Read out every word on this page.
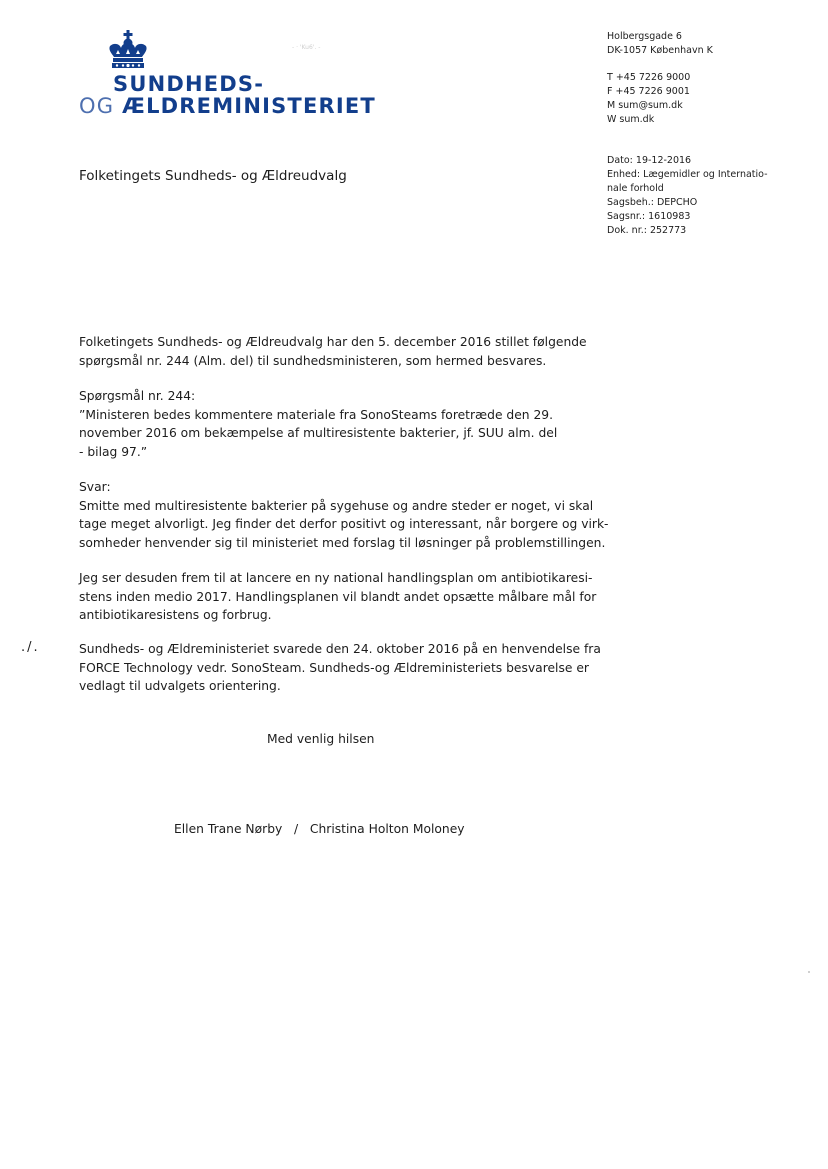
SUNDHEDS-
OG ÆLDREMINISTERIET
- · 'Ku6'. -
Holbergsgade 6
DK-1057 København K
T +45 7226 9000
F +45 7226 9001
M sum@sum.dk
W sum.dk
Dato: 19-12-2016
Enhed: Lægemidler og Internatio-
nale forhold
Sagsbeh.: DEPCHO
Sagsnr.: 1610983
Dok. nr.: 252773
Folketingets Sundheds- og Ældreudvalg
Folketingets Sundheds- og Ældreudvalg har den 5. december 2016 stillet følgende
spørgsmål nr. 244 (Alm. del) til sundhedsministeren, som hermed besvares.
Spørgsmål nr. 244:
”Ministeren bedes kommentere materiale fra SonoSteams foretræde den 29.
november 2016 om bekæmpelse af multiresistente bakterier, jf. SUU alm. del
- bilag 97.”
Svar:
Smitte med multiresistente bakterier på sygehuse og andre steder er noget, vi skal
tage meget alvorligt. Jeg finder det derfor positivt og interessant, når borgere og virk-
somheder henvender sig til ministeriet med forslag til løsninger på problemstillingen.
Jeg ser desuden frem til at lancere en ny national handlingsplan om antibiotikaresi-
stens inden medio 2017. Handlingsplanen vil blandt andet opsætte målbare mål for
antibiotikaresistens og forbrug.
./.	Sundheds- og Ældreministeriet svarede den 24. oktober 2016 på en henvendelse fra
FORCE Technology vedr. SonoSteam. Sundheds-og Ældreministeriets besvarelse er
vedlagt til udvalgets orientering.
Med venlig hilsen
Ellen Trane Nørby   /   Christina Holton Moloney
